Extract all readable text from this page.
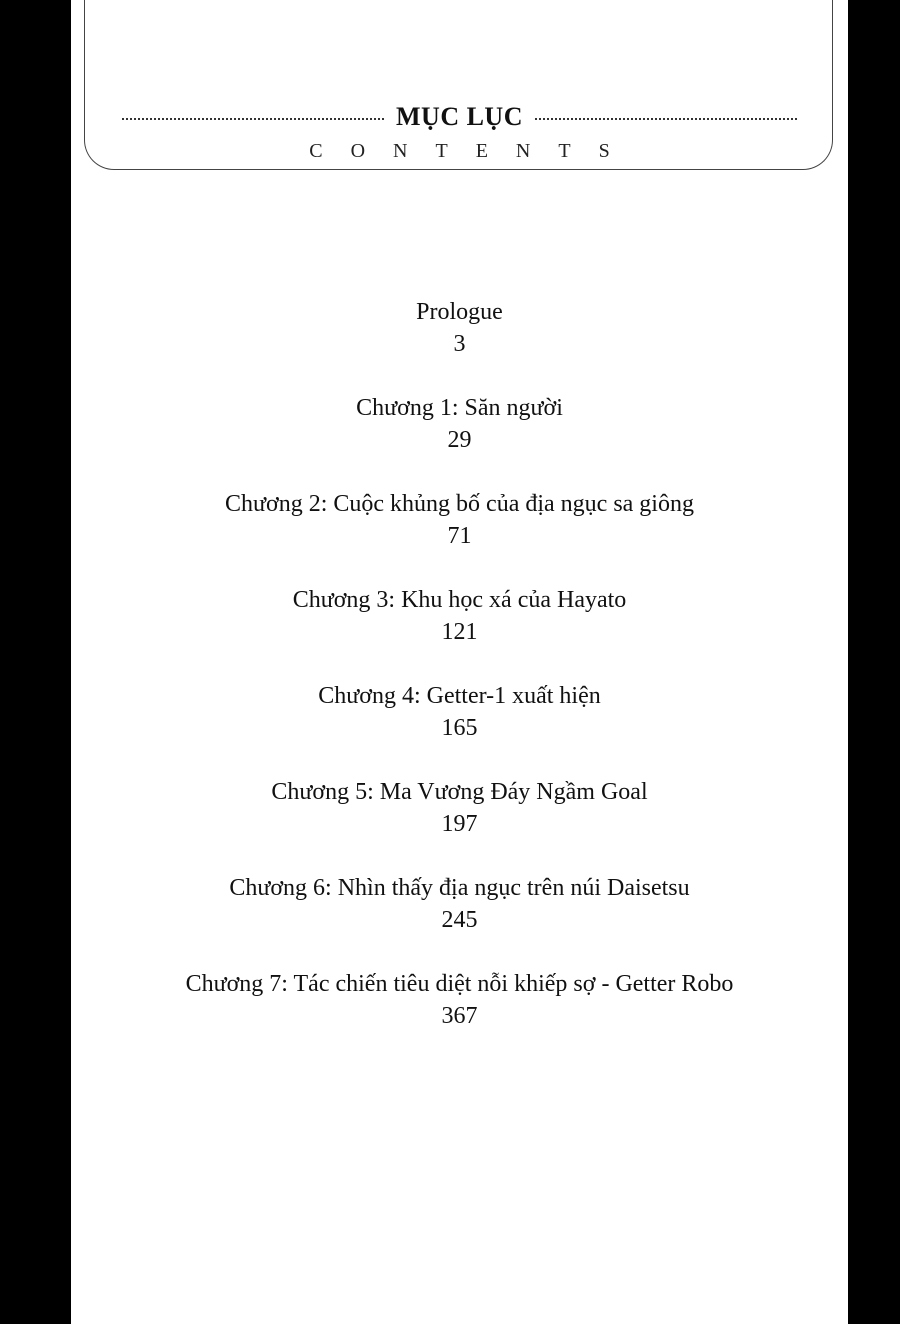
MỤC LỤC
CONTENTS
Prologue
3
Chương 1: Săn người
29
Chương 2: Cuộc khủng bố của địa ngục sa giông
71
Chương 3: Khu học xá của Hayato
121
Chương 4: Getter-1 xuất hiện
165
Chương 5: Ma Vương Đáy Ngầm Goal
197
Chương 6: Nhìn thấy địa ngục trên núi Daisetsu
245
Chương 7: Tác chiến tiêu diệt nỗi khiếp sợ - Getter Robo
367
